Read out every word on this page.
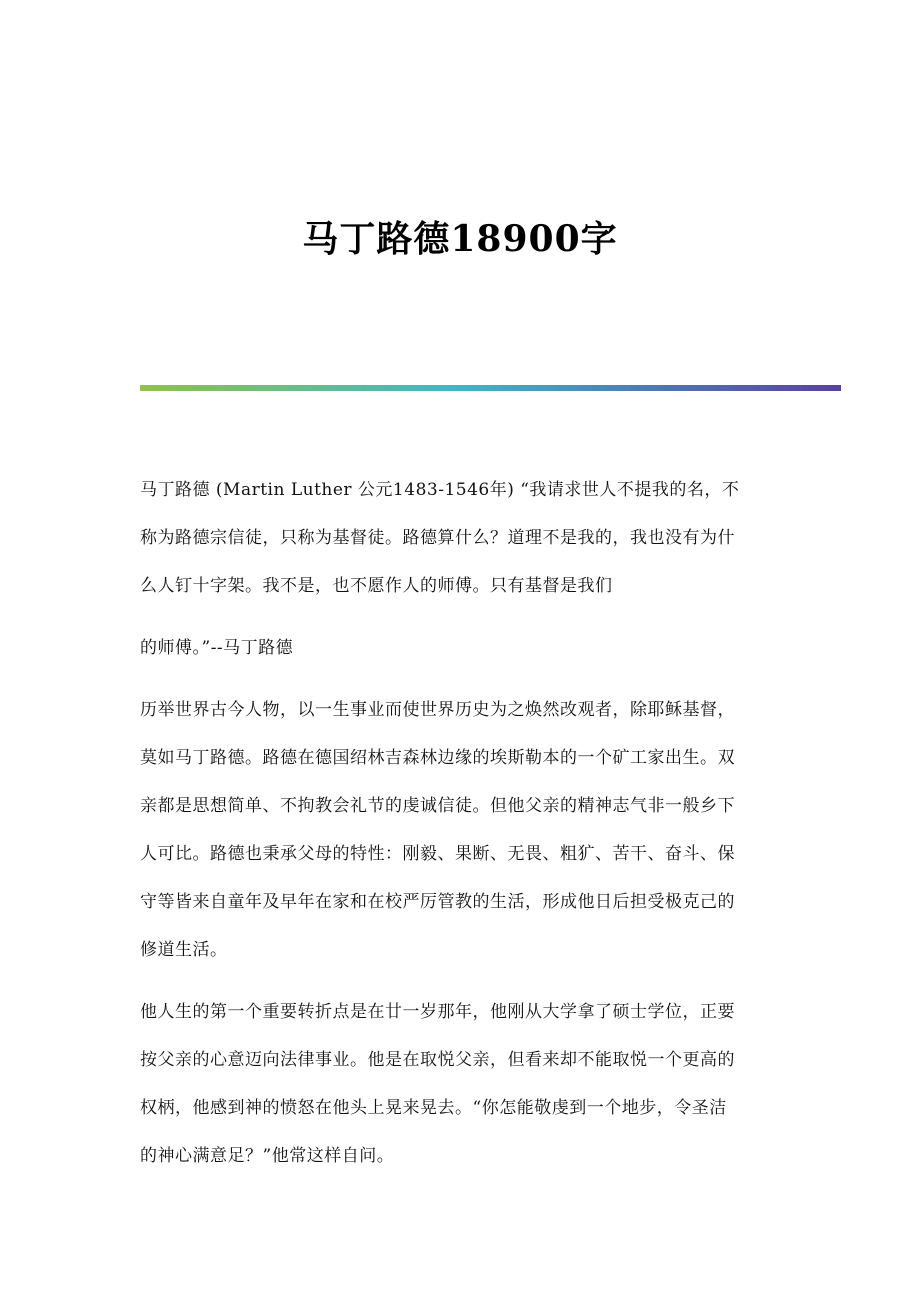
马丁路德18900字

马丁路德 (Martin Luther 公元1483-1546年) “我请求世人不提我的名，不
称为路德宗信徒，只称为基督徒。路德算什么？道理不是我的，我也没有为什
么人钉十字架。我不是，也不愿作人的师傅。只有基督是我们

的师傅。”--马丁路德

历举世界古今人物，以一生事业而使世界历史为之焕然改观者，除耶稣基督，
莫如马丁路德。路德在德国绍林吉森林边缘的埃斯勒本的一个矿工家出生。双
亲都是思想简单、不拘教会礼节的虔诚信徒。但他父亲的精神志气非一般乡下
人可比。路德也秉承父母的特性：刚毅、果断、无畏、粗犷、苦干、奋斗、保
守等皆来自童年及早年在家和在校严厉管教的生活，形成他日后担受极克己的
修道生活。

他人生的第一个重要转折点是在廿一岁那年，他刚从大学拿了硕士学位，正要
按父亲的心意迈向法律事业。他是在取悦父亲，但看来却不能取悦一个更高的
权柄，他感到神的愤怒在他头上晃来晃去。“你怎能敬虔到一个地步，令圣洁
的神心满意足？”他常这样自问。
